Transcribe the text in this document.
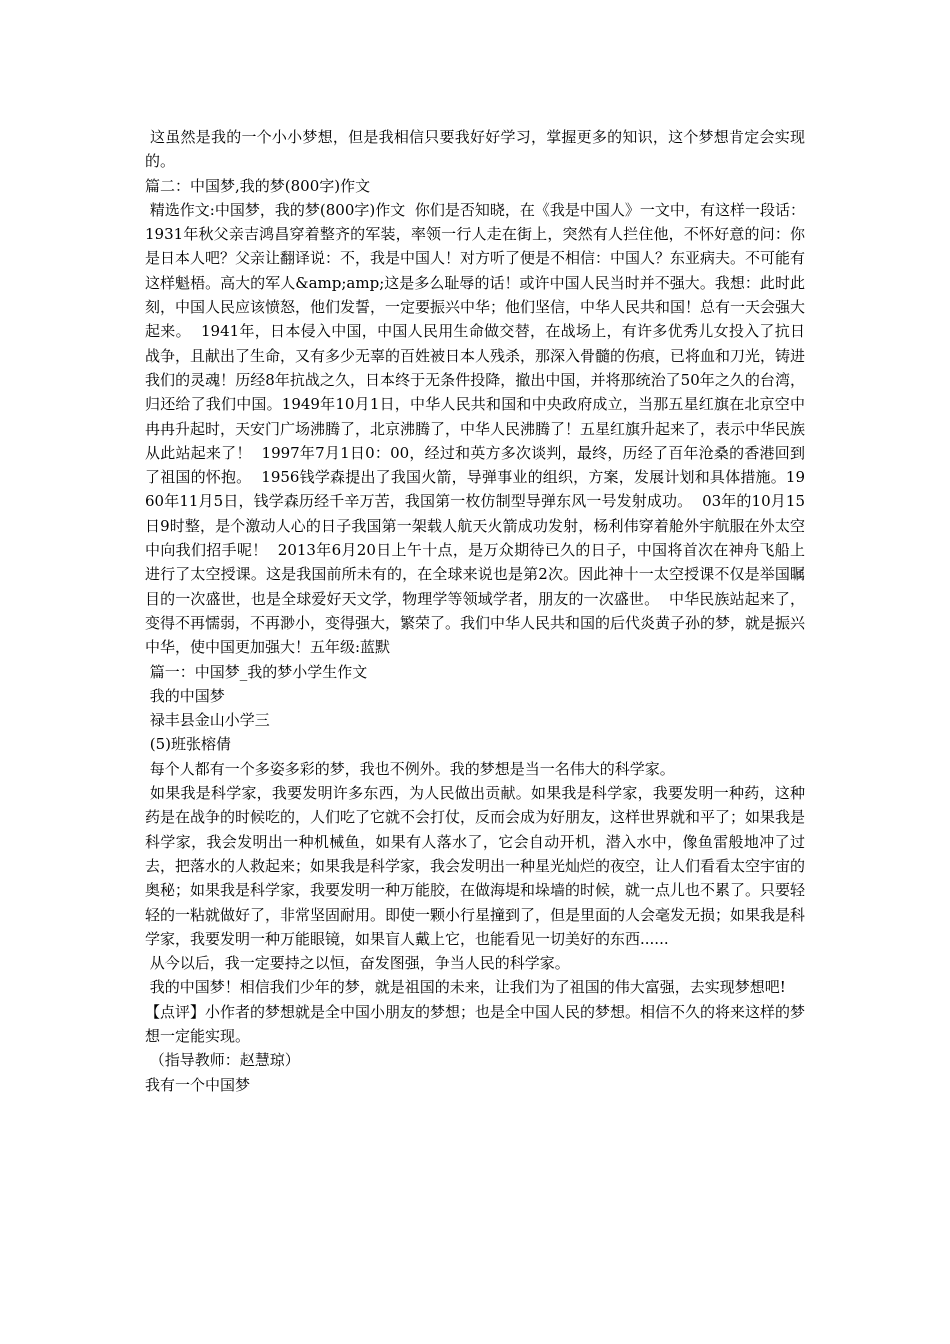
这虽然是我的一个小小梦想，但是我相信只要我好好学习，掌握更多的知识，这个梦想肯定会实现的。

篇二：中国梦,我的梦(800字)作文

精选作文:中国梦，我的梦(800字)作文  你们是否知晓，在《我是中国人》一文中，有这样一段话：1931年秋父亲吉鸿昌穿着整齐的军装，率领一行人走在街上，突然有人拦住他，不怀好意的问：你是日本人吧？父亲让翻译说：不，我是中国人！对方听了便是不相信：中国人？东亚病夫。不可能有这样魁梧。高大的军人&amp;amp;这是多么耻辱的话！或许中国人民当时并不强大。我想：此时此刻，中国人民应该愤怒，他们发誓，一定要振兴中华；他们坚信，中华人民共和国！总有一天会强大起来。  1941年，日本侵入中国，中国人民用生命做交替，在战场上，有许多优秀儿女投入了抗日战争，且献出了生命，又有多少无辜的百姓被日本人残杀，那深入骨髓的伤痕，已将血和刀光，铸进我们的灵魂！历经8年抗战之久，日本终于无条件投降，撤出中国，并将那统治了50年之久的台湾，归还给了我们中国。1949年10月1日，中华人民共和国和中央政府成立，当那五星红旗在北京空中冉冉升起时，天安门广场沸腾了，北京沸腾了，中华人民沸腾了！五星红旗升起来了，表示中华民族从此站起来了！  1997年7月1日0：00，经过和英方多次谈判，最终，历经了百年沧桑的香港回到了祖国的怀抱。  1956钱学森提出了我国火箭，导弹事业的组织，方案，发展计划和具体措施。1960年11月5日，钱学森历经千辛万苦，我国第一枚仿制型导弹东风一号发射成功。  03年的10月15日9时整，是个激动人心的日子我国第一架载人航天火箭成功发射，杨利伟穿着舱外宇航服在外太空中向我们招手呢！  2013年6月20日上午十点，是万众期待已久的日子，中国将首次在神舟飞船上进行了太空授课。这是我国前所未有的，在全球来说也是第2次。因此神十一太空授课不仅是举国瞩目的一次盛世，也是全球爱好天文学，物理学等领域学者，朋友的一次盛世。  中华民族站起来了，变得不再懦弱，不再渺小，变得强大，繁荣了。我们中华人民共和国的后代炎黄子孙的梦，就是振兴中华，使中国更加强大！五年级:蓝默

篇一：中国梦_我的梦小学生作文

我的中国梦

禄丰县金山小学三

(5)班张榕倩

每个人都有一个多姿多彩的梦，我也不例外。我的梦想是当一名伟大的科学家。

如果我是科学家，我要发明许多东西，为人民做出贡献。如果我是科学家，我要发明一种药，这种药是在战争的时候吃的，人们吃了它就不会打仗，反而会成为好朋友，这样世界就和平了；如果我是科学家，我会发明出一种机械鱼，如果有人落水了，它会自动开机，潜入水中，像鱼雷般地冲了过去，把落水的人救起来；如果我是科学家，我会发明出一种星光灿烂的夜空，让人们看看太空宇宙的奥秘；如果我是科学家，我要发明一种万能胶，在做海堤和垛墙的时候，就一点儿也不累了。只要轻轻的一粘就做好了，非常坚固耐用。即使一颗小行星撞到了，但是里面的人会毫发无损；如果我是科学家，我要发明一种万能眼镜，如果盲人戴上它，也能看见一切美好的东西......

从今以后，我一定要持之以恒，奋发图强，争当人民的科学家。

我的中国梦！相信我们少年的梦，就是祖国的未来，让我们为了祖国的伟大富强，去实现梦想吧!

【点评】小作者的梦想就是全中国小朋友的梦想；也是全中国人民的梦想。相信不久的将来这样的梦想一定能实现。

（指导教师：赵慧琼）

我有一个中国梦
